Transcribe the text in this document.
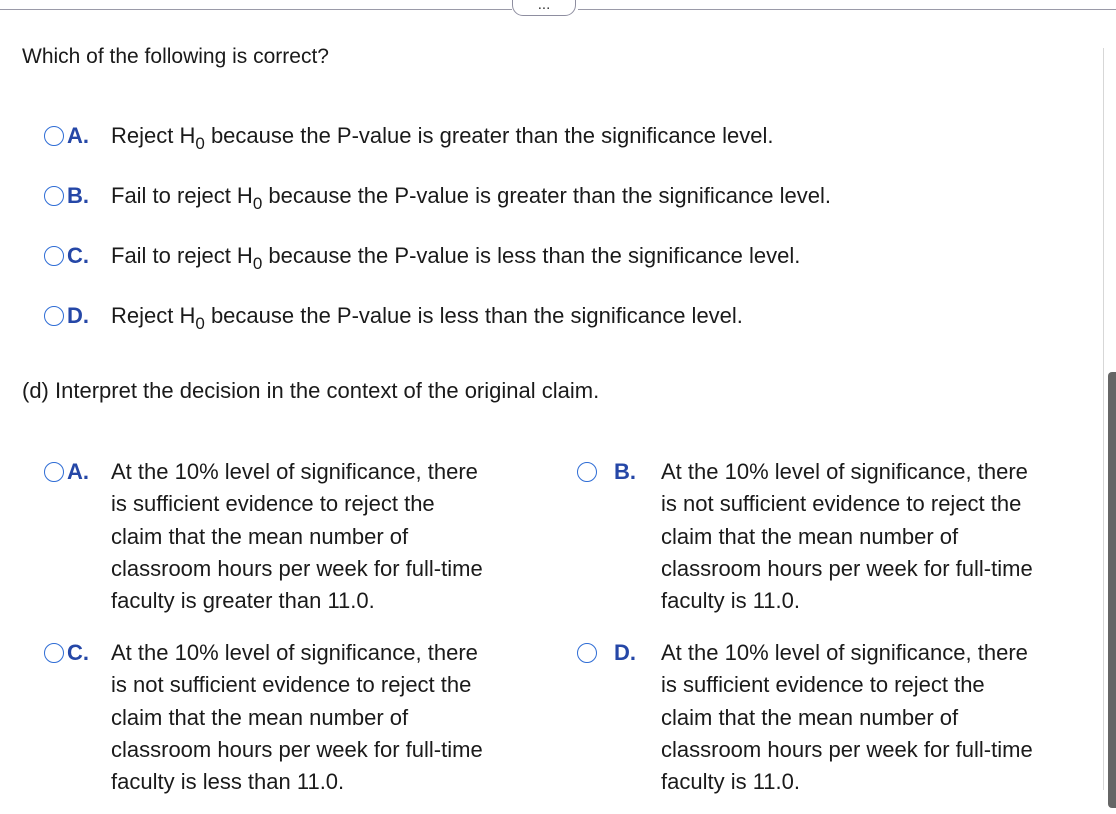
...
Which of the following is correct?
A. Reject $H_0$ because the P-value is greater than the significance level.
B. Fail to reject $H_0$ because the P-value is greater than the significance level.
C. Fail to reject $H_0$ because the P-value is less than the significance level.
D. Reject $H_0$ because the P-value is less than the significance level.
(d) Interpret the decision in the context of the original claim.
A. At the 10% level of significance, there
is sufficient evidence to reject the
claim that the mean number of
classroom hours per week for full-time
faculty is greater than 11.0.
B. At the 10% level of significance, there
is not sufficient evidence to reject the
claim that the mean number of
classroom hours per week for full-time
faculty is 11.0.
C. At the 10% level of significance, there
is not sufficient evidence to reject the
claim that the mean number of
classroom hours per week for full-time
faculty is less than 11.0.
D. At the 10% level of significance, there
is sufficient evidence to reject the
claim that the mean number of
classroom hours per week for full-time
faculty is 11.0.
